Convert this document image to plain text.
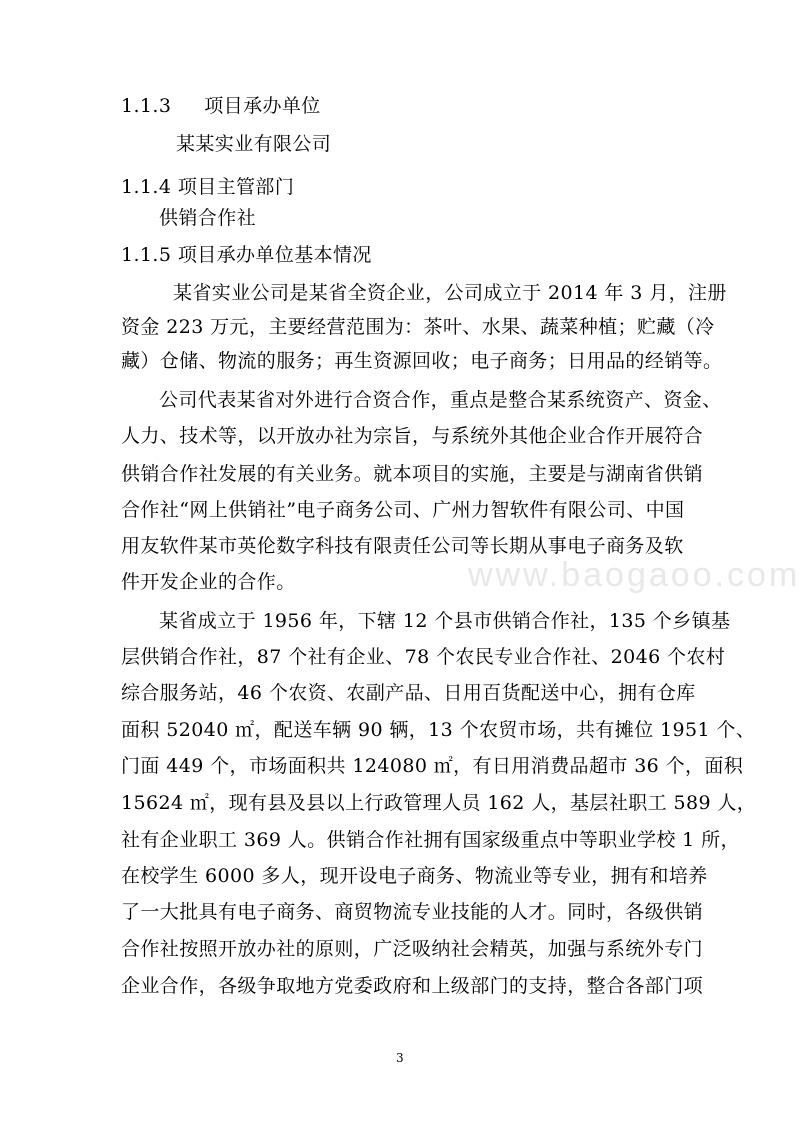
1.1.3 项目承办单位
某某实业有限公司
1.1.4 项目主管部门
供销合作社
1.1.5 项目承办单位基本情况
某省实业公司是某省全资企业，公司成立于 2014 年 3 月，注册
资金 223 万元，主要经营范围为：茶叶、水果、蔬菜种植；贮藏（冷
藏）仓储、物流的服务；再生资源回收；电子商务；日用品的经销等。
公司代表某省对外进行合资合作，重点是整合某系统资产、资金、
人力、技术等，以开放办社为宗旨，与系统外其他企业合作开展符合
供销合作社发展的有关业务。就本项目的实施，主要是与湖南省供销
合作社“网上供销社”电子商务公司、广州力智软件有限公司、中国
用友软件某市英伦数字科技有限责任公司等长期从事电子商务及软
件开发企业的合作。	www.baogaoo.com
某省成立于 1956 年，下辖 12 个县市供销合作社，135 个乡镇基
层供销合作社，87 个社有企业、78 个农民专业合作社、2046 个农村
综合服务站，46 个农资、农副产品、日用百货配送中心，拥有仓库
面积 52040 ㎡，配送车辆 90 辆，13 个农贸市场，共有摊位 1951 个、
门面 449 个，市场面积共 124080 ㎡，有日用消费品超市 36 个，面积
15624 ㎡，现有县及县以上行政管理人员 162 人，基层社职工 589 人，
社有企业职工 369 人。供销合作社拥有国家级重点中等职业学校 1 所，
在校学生 6000 多人，现开设电子商务、物流业等专业，拥有和培养
了一大批具有电子商务、商贸物流专业技能的人才。同时，各级供销
合作社按照开放办社的原则，广泛吸纳社会精英，加强与系统外专门
企业合作，各级争取地方党委政府和上级部门的支持，整合各部门项
3
